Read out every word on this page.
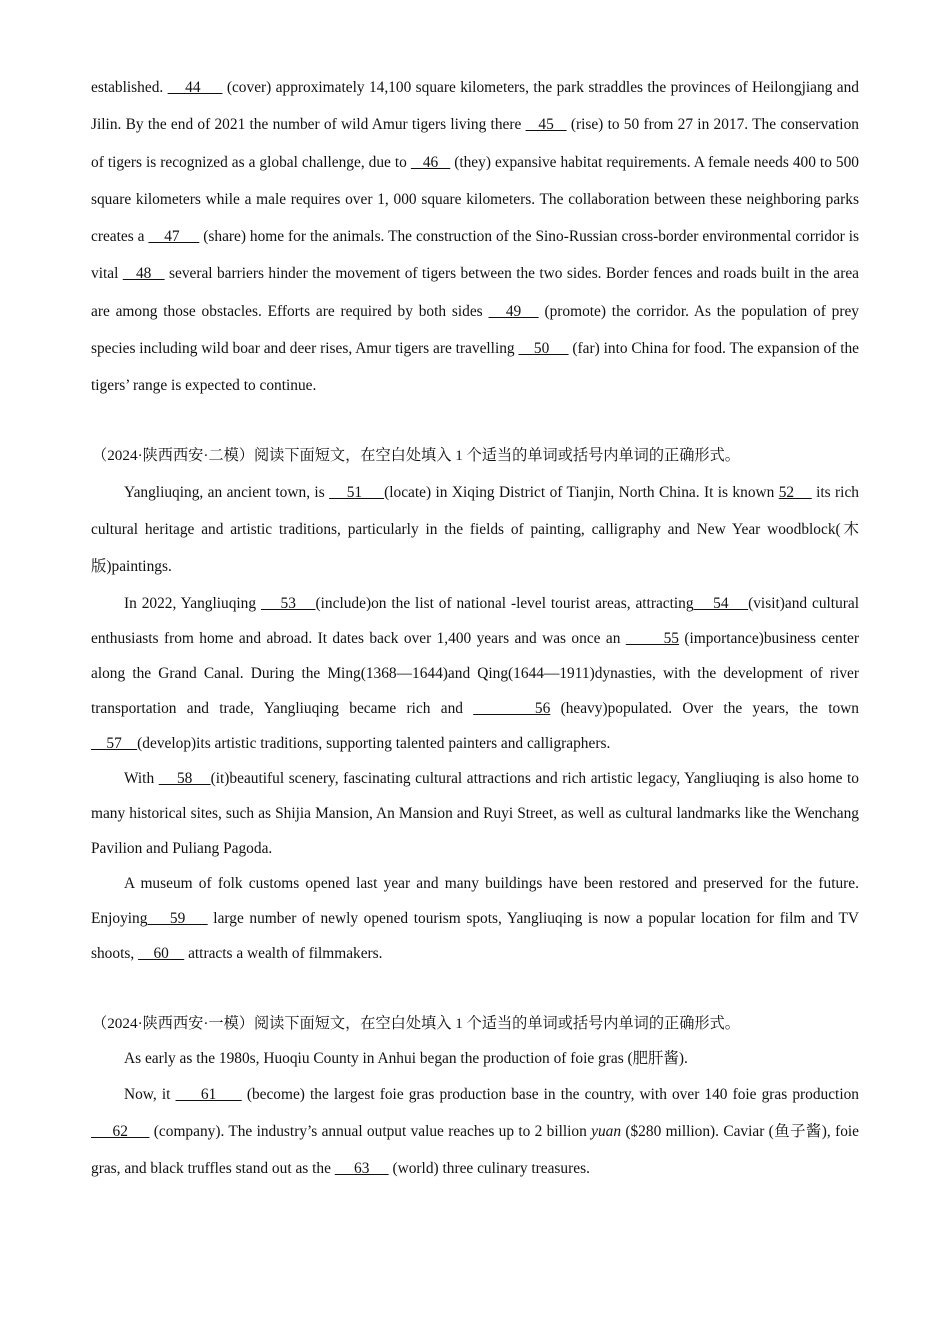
established.     44      (cover) approximately 14,100 square kilometers, the park straddles the provinces of Heilongjiang and Jilin. By the end of 2021 the number of wild Amur tigers living there    45    (rise) to 50 from 27 in 2017. The conservation of tigers is recognized as a global challenge, due to    46    (they) expansive habitat requirements. A female needs 400 to 500 square kilometers while a male requires over 1, 000 square kilometers. The collaboration between these neighboring parks creates a     47      (share) home for the animals. The construction of the Sino-Russian cross-border environmental corridor is vital    48    several barriers hinder the movement of tigers between the two sides. Border fences and roads built in the area are among those obstacles. Efforts are required by both sides    49    (promote) the corridor. As the population of prey species including wild boar and deer rises, Amur tigers are travelling     50      (far) into China for food. The expansion of the tigers’ range is expected to continue.

（2024·陕西西安·二模）阅读下面短文，在空白处填入 1 个适当的单词或括号内单词的正确形式。

Yangliuqing, an ancient town, is     51     (locate) in Xiqing District of Tianjin, North China. It is known 52     its rich cultural heritage and artistic traditions, particularly in the fields of painting, calligraphy and New Year woodblock(木版)paintings.

In 2022, Yangliuqing     53    (include)on the list of national -level tourist areas, attracting    54    (visit)and cultural enthusiasts from home and abroad. It dates back over 1,400 years and was once an        55 (importance)business center along the Grand Canal. During the Ming(1368—1644)and Qing(1644—1911)dynasties, with the development of river transportation and trade, Yangliuqing became rich and       56 (heavy)populated. Over the years, the town     57    (develop)its artistic traditions, supporting talented painters and calligraphers.

With     58    (it)beautiful scenery, fascinating cultural attractions and rich artistic legacy, Yangliuqing is also home to many historical sites, such as Shijia Mansion, An Mansion and Ruyi Street, as well as cultural landmarks like the Wenchang Pavilion and Puliang Pagoda.

A museum of folk customs opened last year and many buildings have been restored and preserved for the future. Enjoying    59     large number of newly opened tourism spots, Yangliuqing is now a popular location for film and TV shoots,     60     attracts a wealth of filmmakers.

（2024·陕西西安·一模）阅读下面短文，在空白处填入 1 个适当的单词或括号内单词的正确形式。

As early as the 1980s, Huoqiu County in Anhui began the production of foie gras (肥肝酱).

Now, it      61      (become) the largest foie gras production base in the country, with over 140 foie gras production      62      (company). The industry’s annual output value reaches up to 2 billion yuan ($280 million). Caviar (鱼子酱), foie gras, and black truffles stand out as the      63      (world) three culinary treasures.
